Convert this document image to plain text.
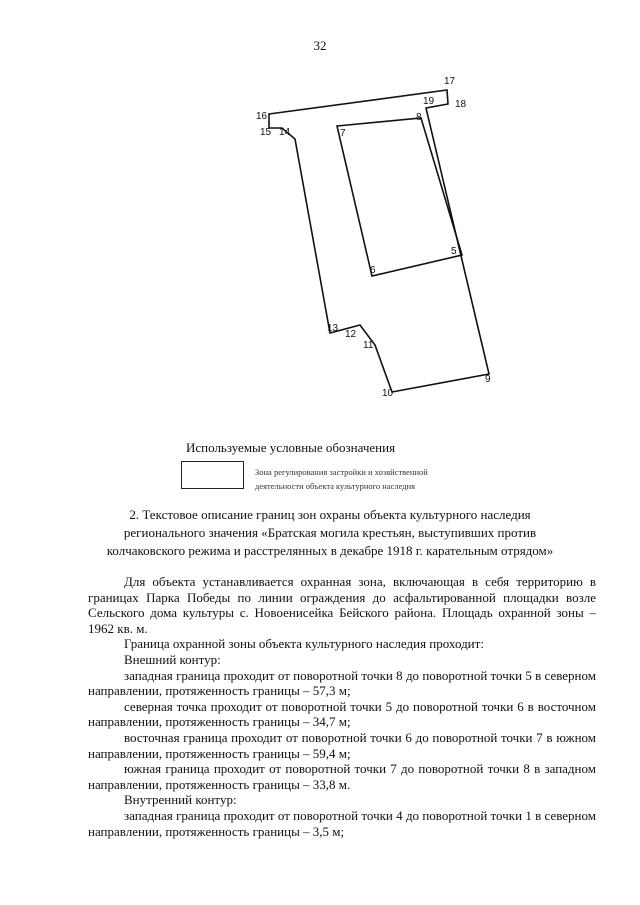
32
17
18
19
16
15 14	7
8
5
6
13
12
11
10
9
Используемые условные обозначения
Зона регулирования застройки и хозяйственной
деятельности объекта культурного наследия
2. Текстовое описание границ зон охраны объекта культурного наследия
регионального значения «Братская могила крестьян, выступивших против
колчаковского режима и расстрелянных в декабре 1918 г. карательным отрядом»

Для объекта устанавливается охранная зона, включающая в себя территорию в границах Парка Победы по линии ограждения до асфальтированной площадки возле Сельского дома культуры с. Новоенисейка Бейского района. Площадь охранной зоны – 1962 кв. м.

Граница охранной зоны объекта культурного наследия проходит:

Внешний контур:

западная граница проходит от поворотной точки 8 до поворотной точки 5 в северном направлении, протяженность границы – 57,3 м;

северная точка проходит от поворотной точки 5 до поворотной точки 6 в восточном направлении, протяженность границы – 34,7 м;

восточная граница проходит от поворотной точки 6 до поворотной точки 7 в южном направлении, протяженность границы – 59,4 м;

южная граница проходит от поворотной точки 7 до поворотной точки 8 в западном направлении, протяженность границы – 33,8 м.

Внутренний контур:

западная граница проходит от поворотной точки 4 до поворотной точки 1 в северном направлении, протяженность границы – 3,5 м;
